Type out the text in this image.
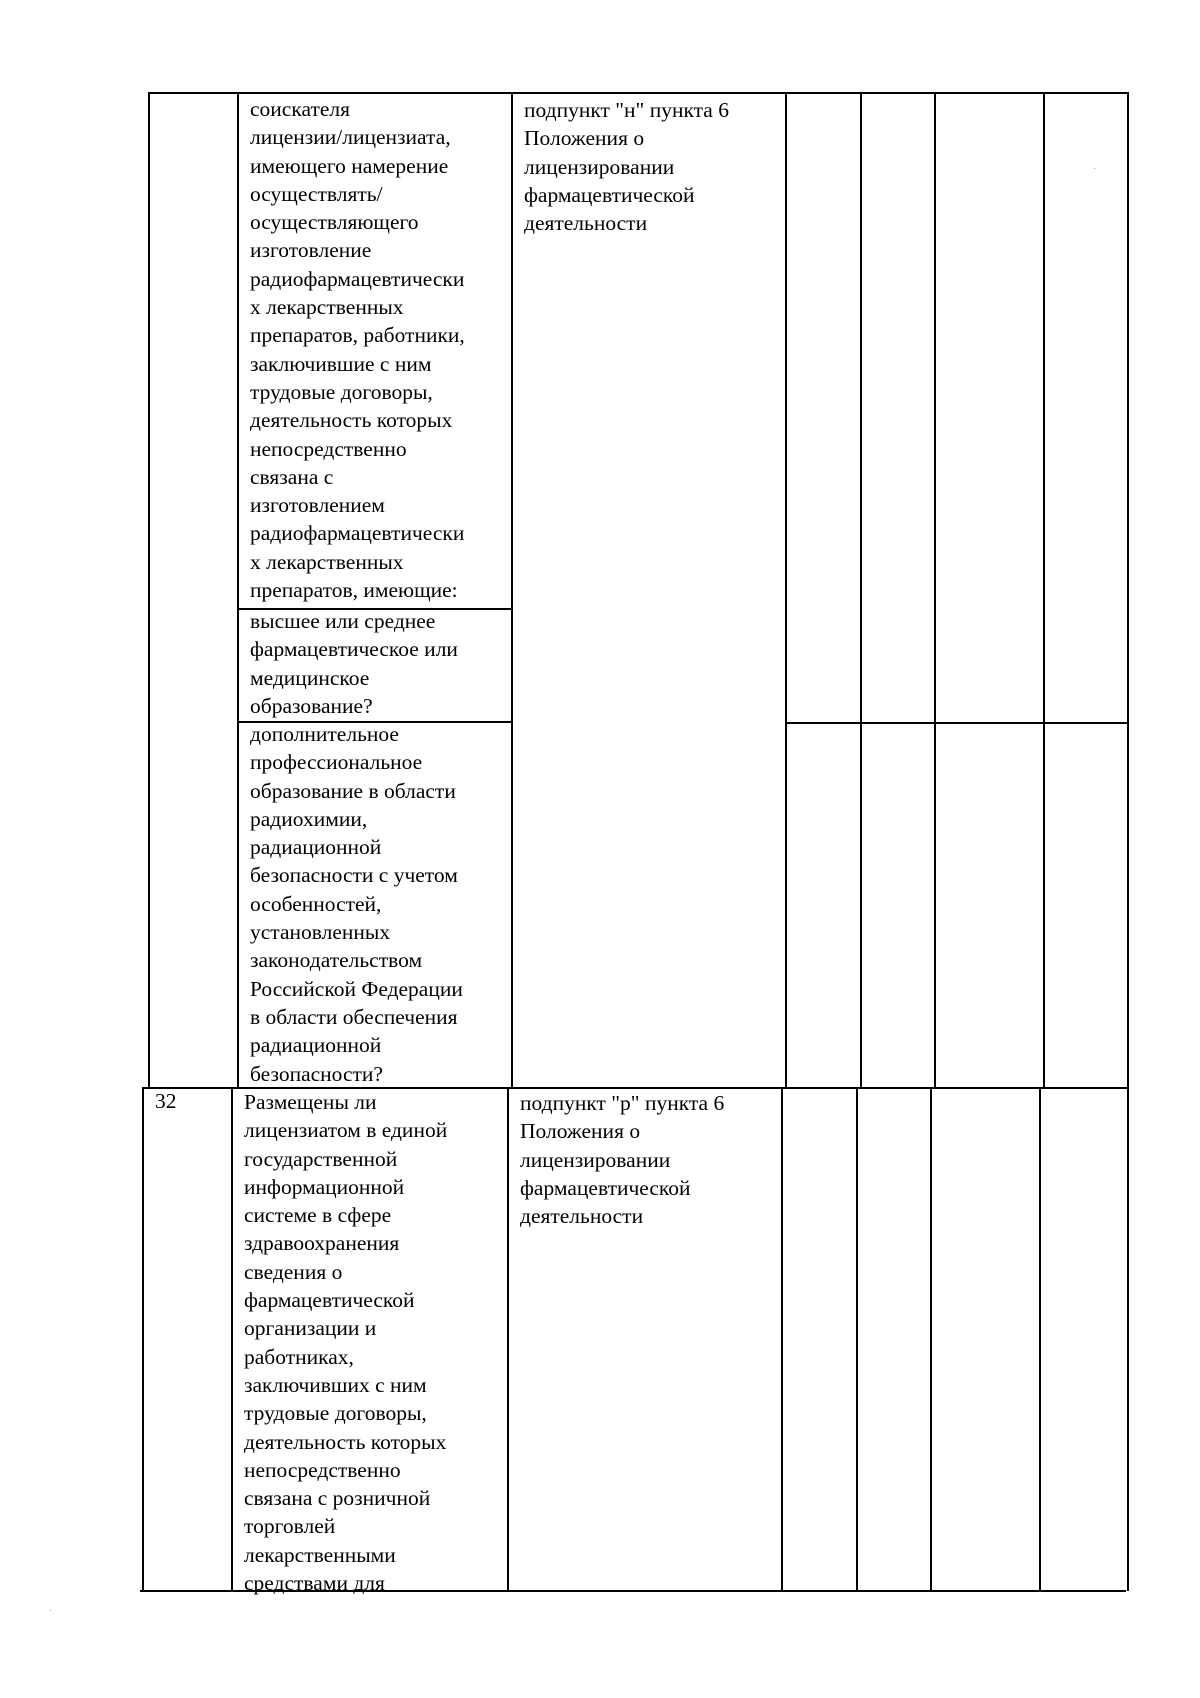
соискателя
лицензии/лицензиата,
имеющего намерение
осуществлять/
осуществляющего
изготовление
радиофармацевтически
х лекарственных
препаратов, работники,
заключившие с ним
трудовые договоры,
деятельность которых
непосредственно
связана с
изготовлением
радиофармацевтически
х лекарственных
препаратов, имеющие:
высшее или среднее
фармацевтическое или
медицинское
образование?
дополнительное
профессиональное
образование в области
радиохимии,
радиационной
безопасности с учетом
особенностей,
установленных
законодательством
Российской Федерации
в области обеспечения
радиационной
безопасности?
подпункт "н" пункта 6
Положения о
лицензировании
фармацевтической
деятельности
32	Размещены ли
лицензиатом в единой
государственной
информационной
системе в сфере
здравоохранения
сведения о
фармацевтической
организации и
работниках,
заключивших с ним
трудовые договоры,
деятельность которых
непосредственно
связана с розничной
торговлей
лекарственными
средствами для
подпункт "р" пункта 6
Положения о
лицензировании
фармацевтической
деятельности
